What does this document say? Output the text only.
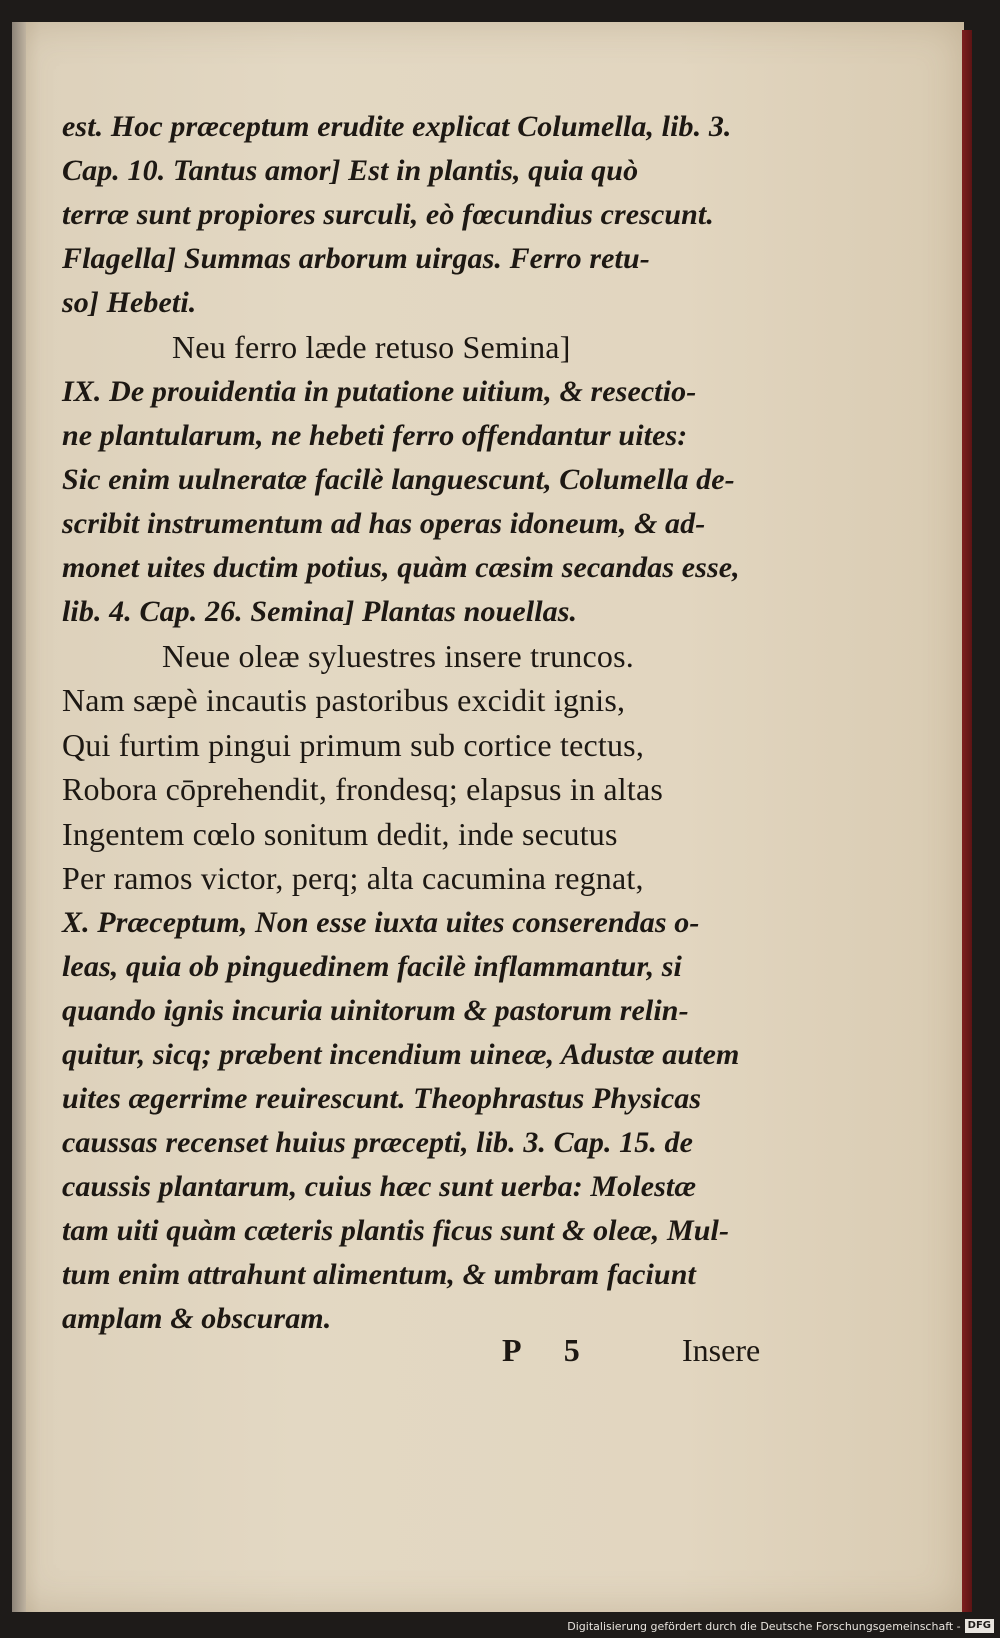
est. Hoc præceptum erudite explicat Columella, lib. 3.
Cap. 10. Tantus amor] Est in plantis, quia quò
terræ sunt propiores surculi, eò fœcundius crescunt.
Flagella] Summas arborum uirgas. Ferro retu-
so] Hebeti.
Neu ferro læde retuso Semina]
IX. De prouidentia in putatione uitium, & resectio-
ne plantularum, ne hebeti ferro offendantur uites:
Sic enim uulneratæ facilè languescunt, Columella de-
scribit instrumentum ad has operas idoneum, & ad-
monet uites ductim potius, quàm cæsim secandas esse,
lib. 4. Cap. 26. Semina] Plantas nouellas.
Neue oleæ syluestres insere truncos.
Nam sæpè incautis pastoribus excidit ignis,
Qui furtim pingui primum sub cortice tectus,
Robora cōprehendit, frondesq; elapsus in altas
Ingentem cœlo sonitum dedit, inde secutus
Per ramos victor, perq; alta cacumina regnat,
X. Præceptum, Non esse iuxta uites conserendas o-
leas, quia ob pinguedinem facilè inflammantur, si
quando ignis incuria uinitorum & pastorum relin-
quitur, sicq; præbent incendium uineæ, Adustæ autem
uites ægerrime reuirescunt. Theophrastus Physicas
caussas recenset huius præcepti, lib. 3. Cap. 15. de
caussis plantarum, cuius hæc sunt uerba: Molestæ
tam uiti quàm cæteris plantis ficus sunt & oleæ, Mul-
tum enim attrahunt alimentum, & umbram faciunt
amplam & obscuram.
P 5	Insere
Digitalisierung gefördert durch die Deutsche Forschungsgemeinschaft - DFG
